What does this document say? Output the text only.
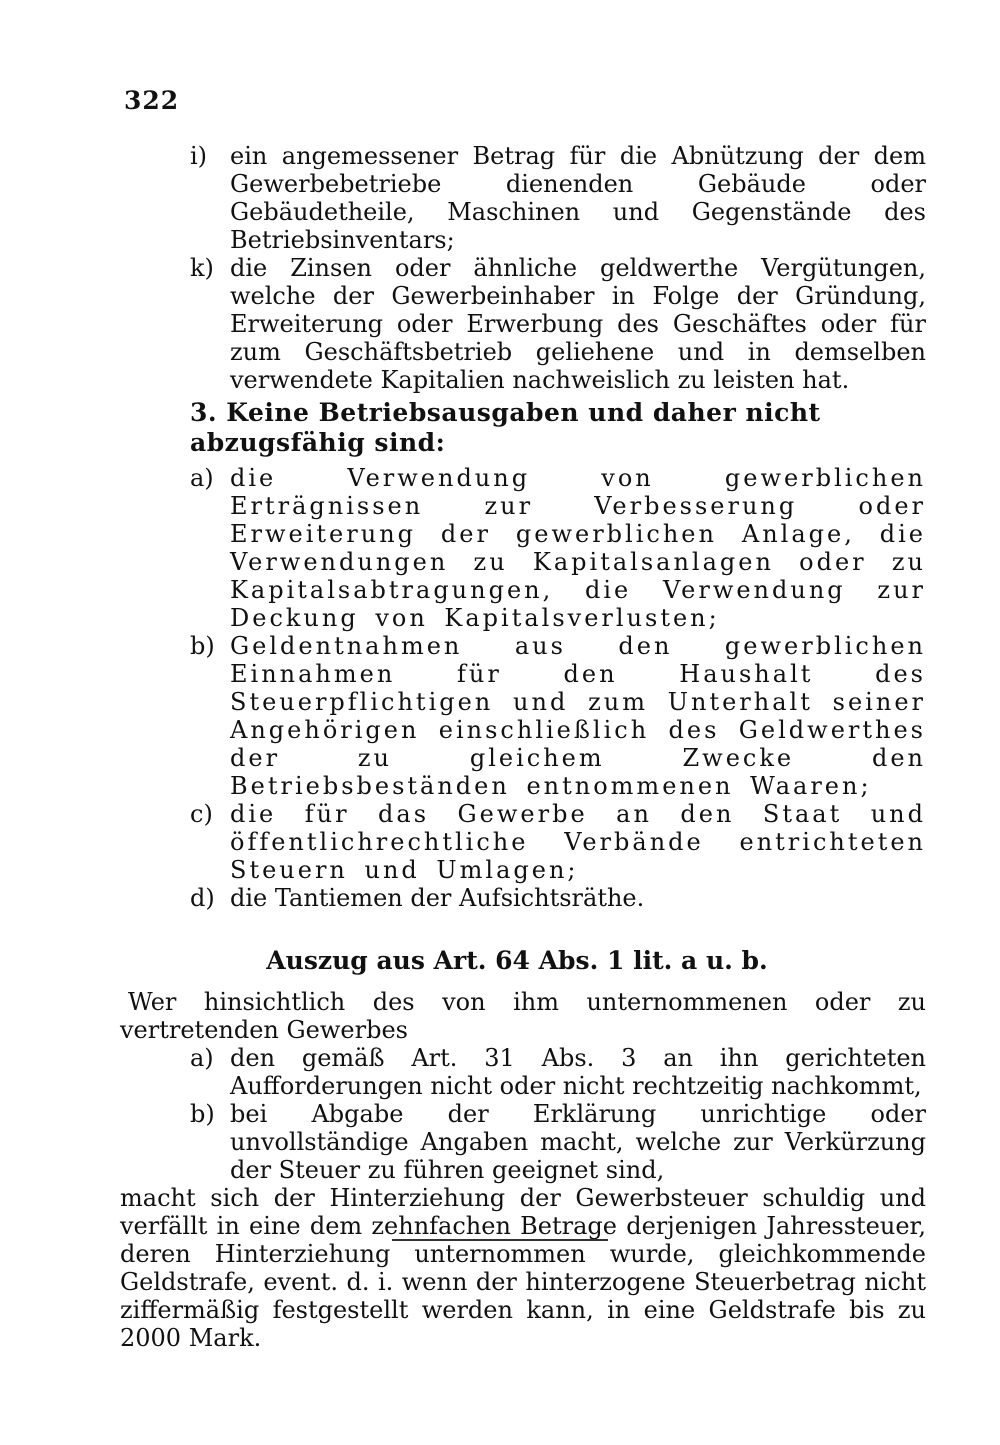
322
i) ein angemessener Betrag für die Abnützung der dem Gewerbebetriebe dienenden Gebäude oder Gebäudetheile, Maschinen und Gegenstände des Betriebsinventars;
k) die Zinsen oder ähnliche geldwerthe Vergütungen, welche der Gewerbeinhaber in Folge der Gründung, Erweiterung oder Erwerbung des Geschäftes oder für zum Geschäftsbetrieb geliehene und in demselben verwendete Kapitalien nachweislich zu leisten hat.
3. Keine Betriebsausgaben und daher nicht abzugsfähig sind:
a) die Verwendung von gewerblichen Erträgnissen zur Verbesserung oder Erweiterung der gewerblichen Anlage, die Verwendungen zu Kapitalsanlagen oder zu Kapitalsabtragungen, die Verwendung zur Deckung von Kapitalsverlusten;
b) Geldentnahmen aus den gewerblichen Einnahmen für den Haushalt des Steuerpflichtigen und zum Unterhalt seiner Angehörigen einschließlich des Geldwerthes der zu gleichem Zwecke den Betriebsbeständen entnommenen Waaren;
c) die für das Gewerbe an den Staat und öffentlichrechtliche Verbände entrichteten Steuern und Umlagen;
d) die Tantiemen der Aufsichtsräthe.
Auszug aus Art. 64 Abs. 1 lit. a u. b.

Wer hinsichtlich des von ihm unternommenen oder zu vertretenden Gewerbes

a) den gemäß Art. 31 Abs. 3 an ihn gerichteten Aufforderungen nicht oder nicht rechtzeitig nachkommt,
b) bei Abgabe der Erklärung unrichtige oder unvollständige Angaben macht, welche zur Verkürzung der Steuer zu führen geeignet sind,

macht sich der Hinterziehung der Gewerbsteuer schuldig und verfällt in eine dem zehnfachen Betrage derjenigen Jahressteuer, deren Hinterziehung unternommen wurde, gleichkommende Geldstrafe, event. d. i. wenn der hinterzogene Steuerbetrag nicht ziffermäßig festgestellt werden kann, in eine Geldstrafe bis zu 2000 Mark.
